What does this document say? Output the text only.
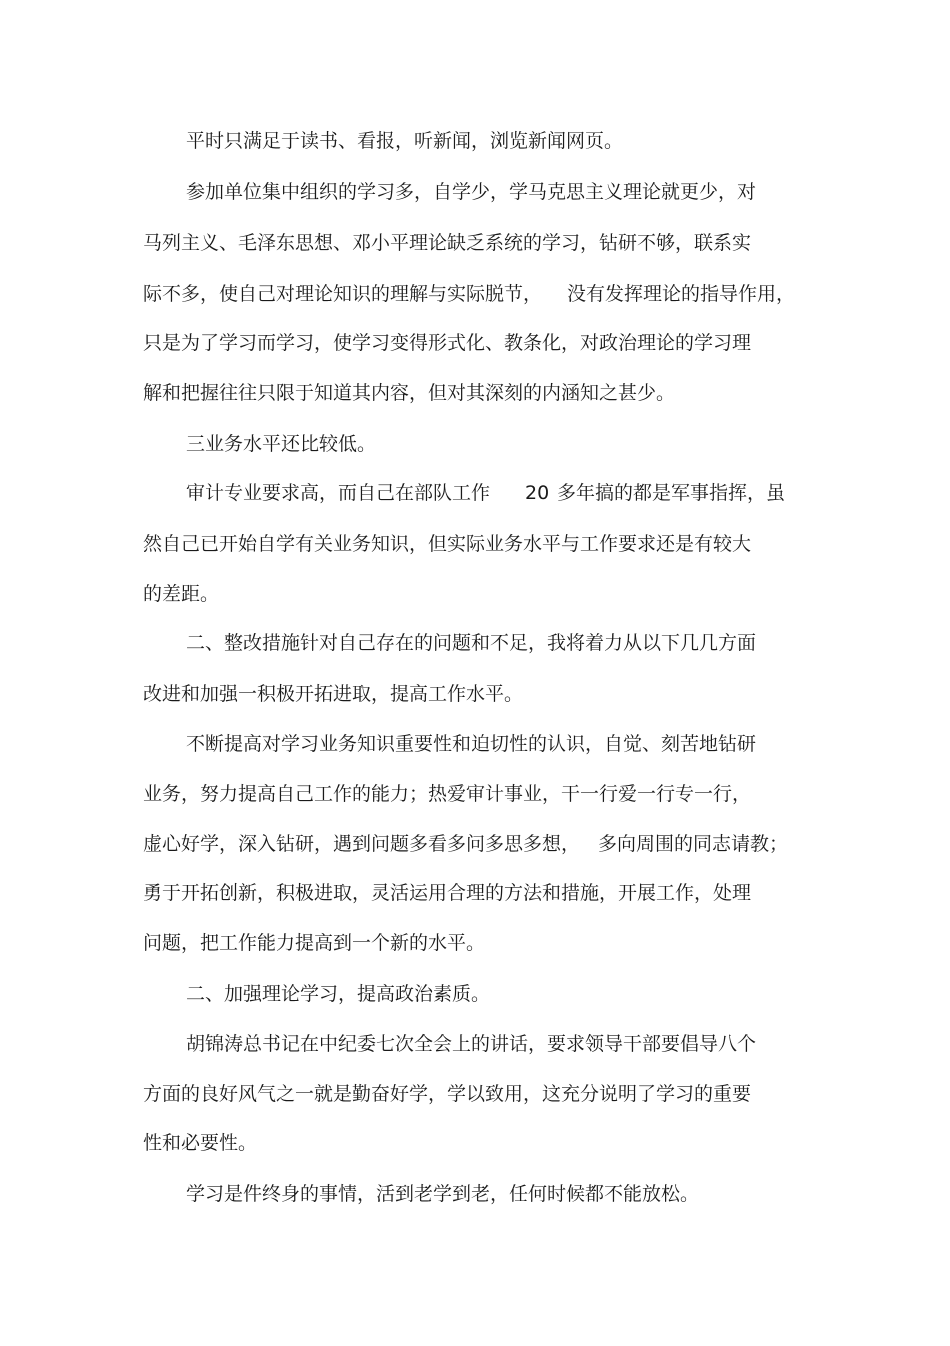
平时只满足于读书、看报，听新闻，浏览新闻网页。
参加单位集中组织的学习多，自学少，学马克思主义理论就更少，对
马列主义、毛泽东思想、邓小平理论缺乏系统的学习，钻研不够，联系实
际不多，使自己对理论知识的理解与实际脱节， 没有发挥理论的指导作用，
只是为了学习而学习，使学习变得形式化、教条化，对政治理论的学习理
解和把握往往只限于知道其内容，但对其深刻的内涵知之甚少。
三业务水平还比较低。
审计专业要求高，而自己在部队工作 20 多年搞的都是军事指挥，虽
然自己已开始自学有关业务知识，但实际业务水平与工作要求还是有较大
的差距。
二、整改措施针对自己存在的问题和不足，我将着力从以下几几方面
改进和加强一积极开拓进取，提高工作水平。
不断提高对学习业务知识重要性和迫切性的认识，自觉、刻苦地钻研
业务，努力提高自己工作的能力；热爱审计事业，干一行爱一行专一行，
虚心好学，深入钻研，遇到问题多看多问多思多想， 多向周围的同志请教；
勇于开拓创新，积极进取，灵活运用合理的方法和措施，开展工作，处理
问题，把工作能力提高到一个新的水平。
二、加强理论学习，提高政治素质。
胡锦涛总书记在中纪委七次全会上的讲话，要求领导干部要倡导八个
方面的良好风气之一就是勤奋好学，学以致用，这充分说明了学习的重要
性和必要性。
学习是件终身的事情，活到老学到老，任何时候都不能放松。
